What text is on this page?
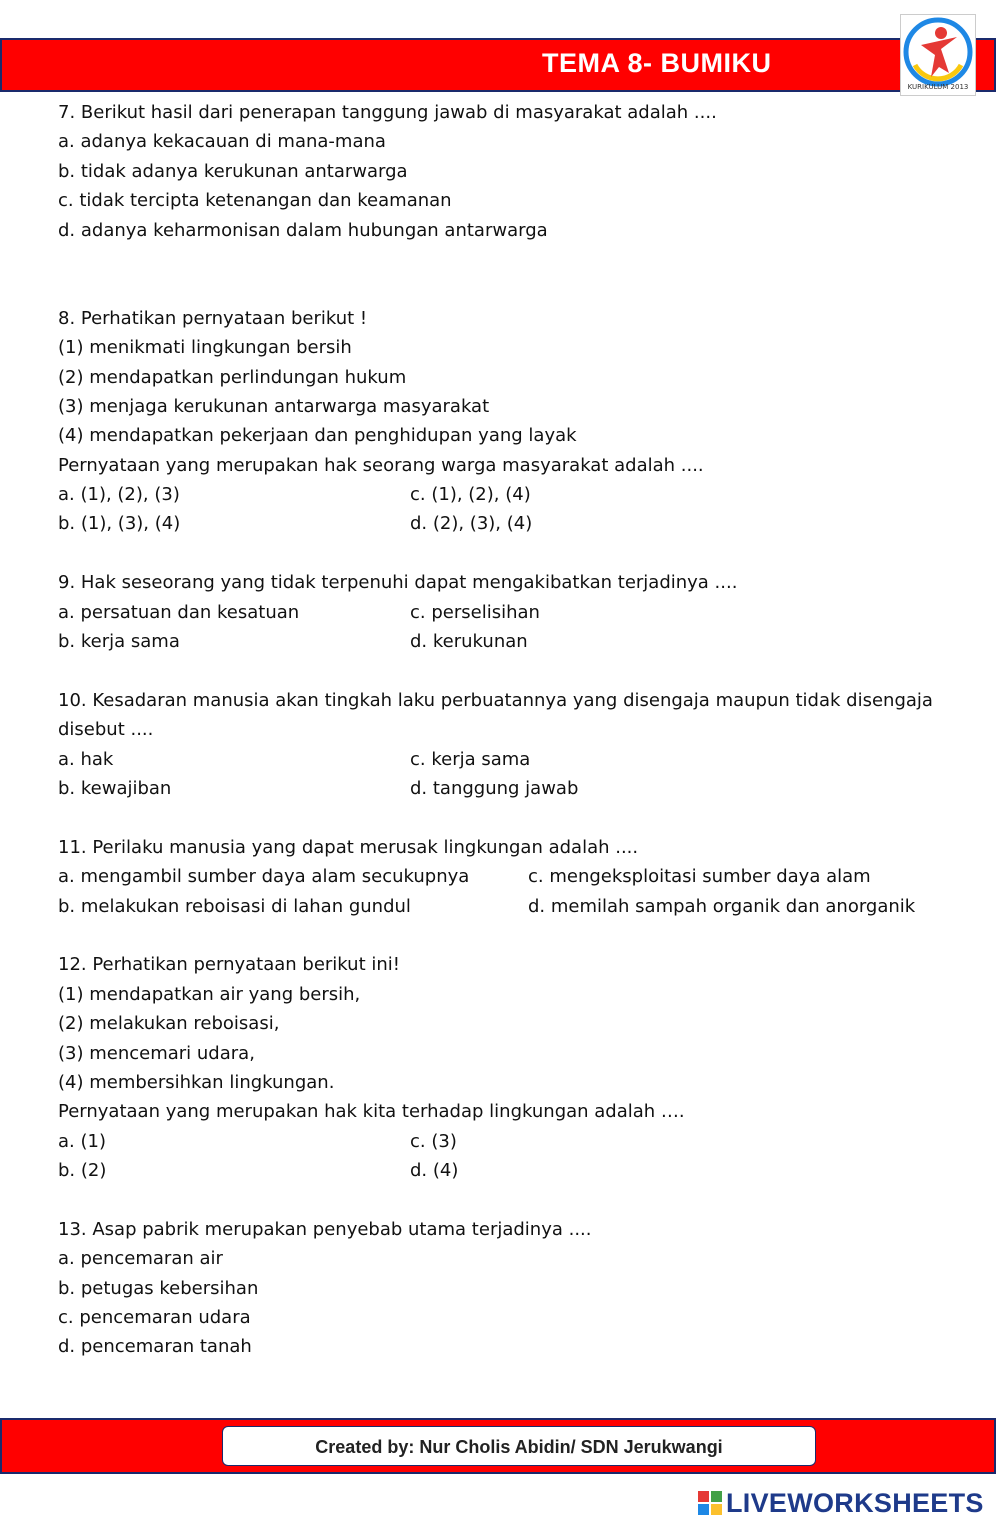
TEMA 8- BUMIKU
KURIKULUM 2013
7. Berikut hasil dari penerapan tanggung jawab di masyarakat adalah ....
a. adanya kekacauan di mana-mana
b. tidak adanya kerukunan antarwarga
c. tidak tercipta ketenangan dan keamanan
d. adanya keharmonisan dalam hubungan antarwarga
8. Perhatikan pernyataan berikut !
(1) menikmati lingkungan bersih
(2) mendapatkan perlindungan hukum
(3) menjaga kerukunan antarwarga masyarakat
(4) mendapatkan pekerjaan dan penghidupan yang layak
Pernyataan yang merupakan hak seorang warga masyarakat adalah ....
a. (1), (2), (3)	c. (1), (2), (4)
b. (1), (3), (4)	d. (2), (3), (4)
9. Hak seseorang yang tidak terpenuhi dapat mengakibatkan terjadinya ....
a. persatuan dan kesatuan	c. perselisihan
b. kerja sama	d. kerukunan
10. Kesadaran manusia akan tingkah laku perbuatannya yang disengaja maupun tidak disengaja
disebut ....
a. hak	c. kerja sama
b. kewajiban	d. tanggung jawab
11. Perilaku manusia yang dapat merusak lingkungan adalah ....
a. mengambil sumber daya alam secukupnya	c. mengeksploitasi sumber daya alam
b. melakukan reboisasi di lahan gundul	d. memilah sampah organik dan anorganik
12. Perhatikan pernyataan berikut ini!
(1) mendapatkan air yang bersih,
(2) melakukan reboisasi,
(3) mencemari udara,
(4) membersihkan lingkungan.
Pernyataan yang merupakan hak kita terhadap lingkungan adalah ….
a. (1)	c. (3)
b. (2)	d. (4)
13. Asap pabrik merupakan penyebab utama terjadinya ....
a. pencemaran air
b. petugas kebersihan
c. pencemaran udara
d. pencemaran tanah
Created by: Nur Cholis Abidin/ SDN Jerukwangi
LIVEWORKSHEETS
